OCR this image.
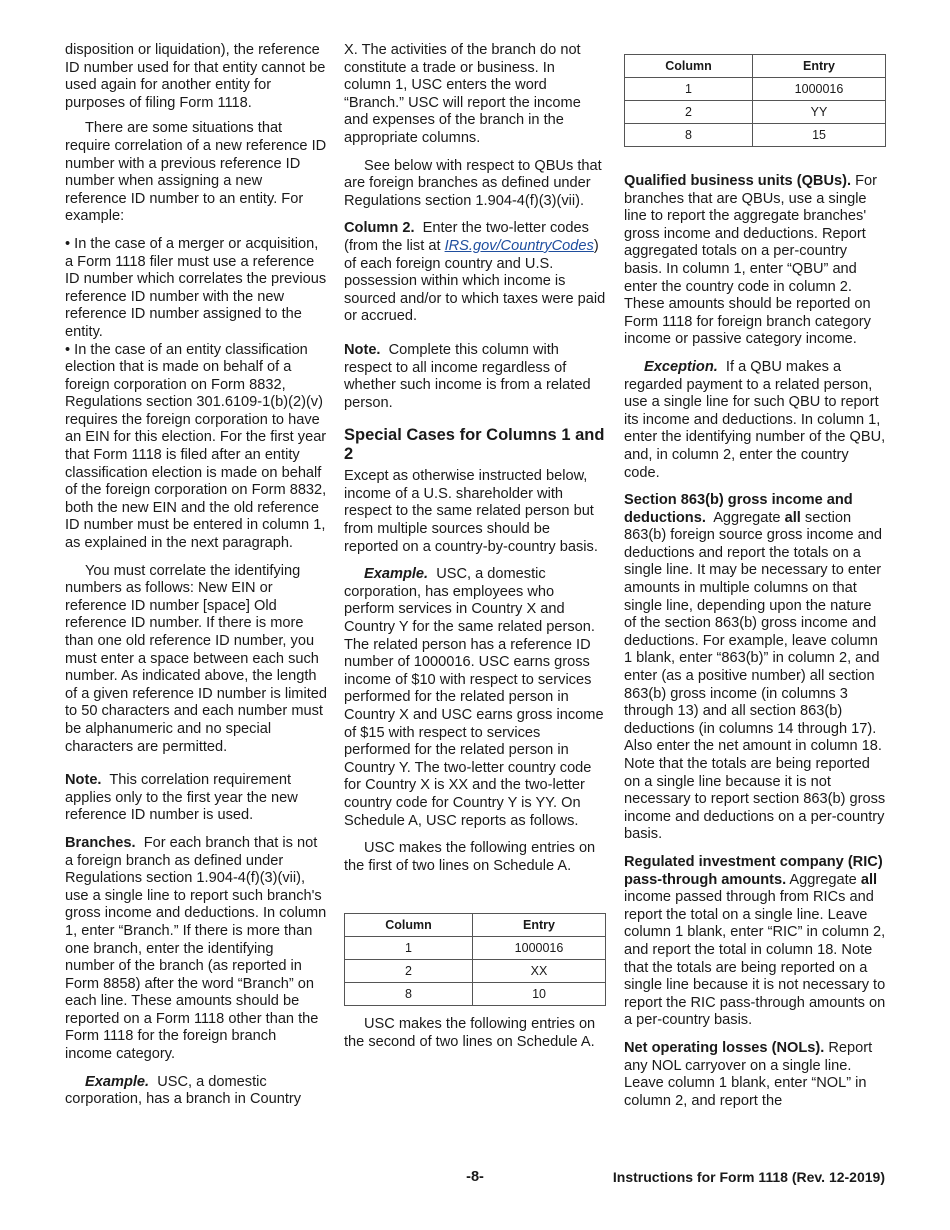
disposition or liquidation), the reference ID number used for that entity cannot be used again for another entity for purposes of filing Form 1118.

There are some situations that require correlation of a new reference ID number with a previous reference ID number when assigning a new reference ID number to an entity. For example:

• In the case of a merger or acquisition, a Form 1118 filer must use a reference ID number which correlates the previous reference ID number with the new reference ID number assigned to the entity.

• In the case of an entity classification election that is made on behalf of a foreign corporation on Form 8832, Regulations section 301.6109-1(b)(2)(v) requires the foreign corporation to have an EIN for this election. For the first year that Form 1118 is filed after an entity classification election is made on behalf of the foreign corporation on Form 8832, both the new EIN and the old reference ID number must be entered in column 1, as explained in the next paragraph.

You must correlate the identifying numbers as follows: New EIN or reference ID number [space] Old reference ID number. If there is more than one old reference ID number, you must enter a space between each such number. As indicated above, the length of a given reference ID number is limited to 50 characters and each number must be alphanumeric and no special characters are permitted.

Note. This correlation requirement applies only to the first year the new reference ID number is used.

Branches. For each branch that is not a foreign branch as defined under Regulations section 1.904-4(f)(3)(vii), use a single line to report such branch's gross income and deductions. In column 1, enter “Branch.” If there is more than one branch, enter the identifying number of the branch (as reported in Form 8858) after the word “Branch” on each line. These amounts should be reported on a Form 1118 other than the Form 1118 for the foreign branch income category.

Example. USC, a domestic corporation, has a branch in Country

X. The activities of the branch do not constitute a trade or business. In column 1, USC enters the word “Branch.” USC will report the income and expenses of the branch in the appropriate columns.

See below with respect to QBUs that are foreign branches as defined under Regulations section 1.904-4(f)(3)(vii).

Column 2. Enter the two-letter codes (from the list at IRS.gov/CountryCodes) of each foreign country and U.S. possession within which income is sourced and/or to which taxes were paid or accrued.

Note. Complete this column with respect to all income regardless of whether such income is from a related person.

Special Cases for Columns 1 and 2

Except as otherwise instructed below, income of a U.S. shareholder with respect to the same related person but from multiple sources should be reported on a country-by-country basis.

Example. USC, a domestic corporation, has employees who perform services in Country X and Country Y for the same related person. The related person has a reference ID number of 1000016. USC earns gross income of $10 with respect to services performed for the related person in Country X and USC earns gross income of $15 with respect to services performed for the related person in Country Y. The two-letter country code for Country X is XX and the two-letter country code for Country Y is YY. On Schedule A, USC reports as follows.

USC makes the following entries on the first of two lines on Schedule A.

Column	Entry
1	1000016
2	XX
8	10

USC makes the following entries on the second of two lines on Schedule A.

Column	Entry
1	1000016
2	YY
8	15

Qualified business units (QBUs). For branches that are QBUs, use a single line to report the aggregate branches' gross income and deductions. Report aggregated totals on a per-country basis. In column 1, enter “QBU” and enter the country code in column 2. These amounts should be reported on Form 1118 for foreign branch category income or passive category income.

Exception. If a QBU makes a regarded payment to a related person, use a single line for such QBU to report its income and deductions. In column 1, enter the identifying number of the QBU, and, in column 2, enter the country code.

Section 863(b) gross income and deductions. Aggregate all section 863(b) foreign source gross income and deductions and report the totals on a single line. It may be necessary to enter amounts in multiple columns on that single line, depending upon the nature of the section 863(b) gross income and deductions. For example, leave column 1 blank, enter “863(b)” in column 2, and enter (as a positive number) all section 863(b) gross income (in columns 3 through 13) and all section 863(b) deductions (in columns 14 through 17). Also enter the net amount in column 18. Note that the totals are being reported on a single line because it is not necessary to report section 863(b) gross income and deductions on a per-country basis.

Regulated investment company (RIC) pass-through amounts. Aggregate all income passed through from RICs and report the total on a single line. Leave column 1 blank, enter “RIC” in column 2, and report the total in column 18. Note that the totals are being reported on a single line because it is not necessary to report the RIC pass-through amounts on a per-country basis.

Net operating losses (NOLs). Report any NOL carryover on a single line. Leave column 1 blank, enter “NOL” in column 2, and report the

-8-	Instructions for Form 1118 (Rev. 12-2019)
